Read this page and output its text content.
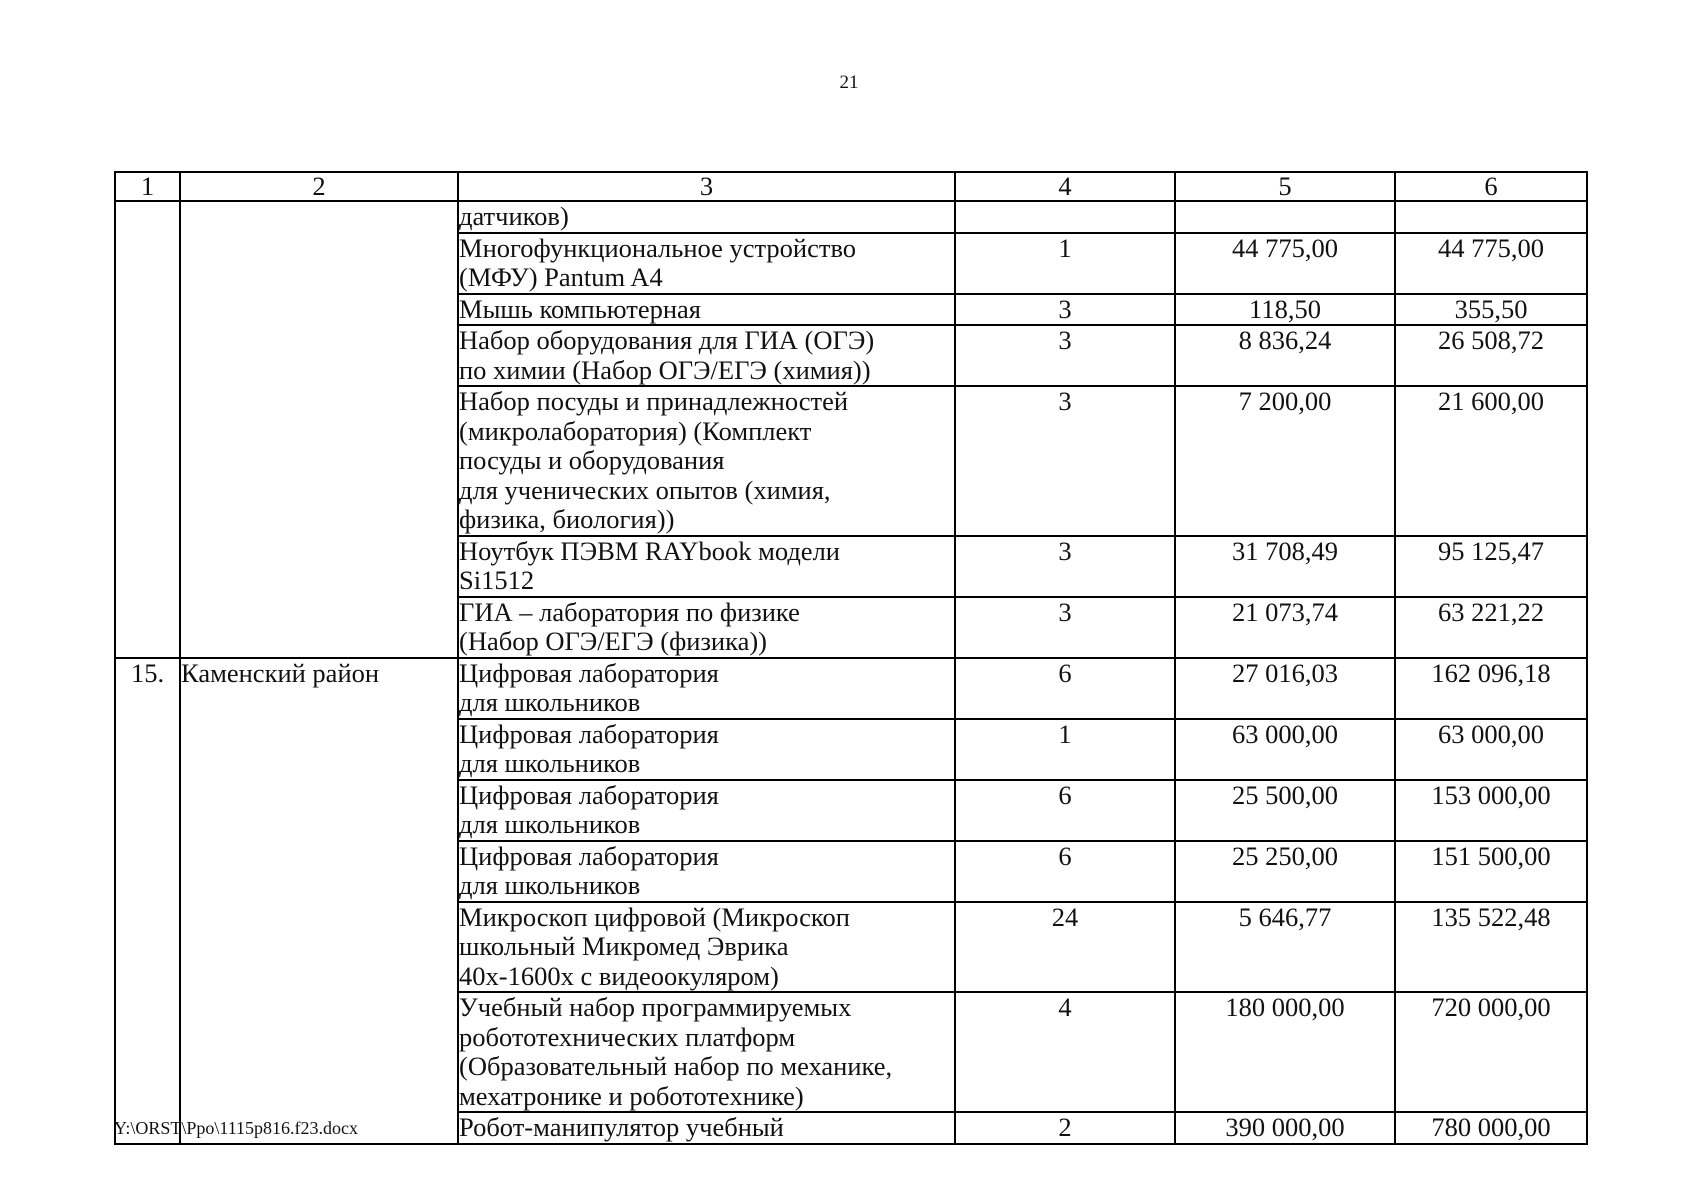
21
1	2	3	4	5	6
		датчиков)			
		Многофункциональное устройство
(МФУ) Pantum A4	1	44 775,00	44 775,00
		Мышь компьютерная	3	118,50	355,50
		Набор оборудования для ГИА (ОГЭ)
по химии (Набор ОГЭ/ЕГЭ (химия))	3	8 836,24	26 508,72
		Набор посуды и принадлежностей
(микролаборатория) (Комплект
посуды и оборудования
для ученических опытов (химия,
физика, биология))	3	7 200,00	21 600,00
		Ноутбук ПЭВМ RAYbook модели
Si1512	3	31 708,49	95 125,47
		ГИА – лаборатория по физике
(Набор ОГЭ/ЕГЭ (физика))	3	21 073,74	63 221,22
15.	Каменский район	Цифровая лаборатория
для школьников	6	27 016,03	162 096,18
		Цифровая лаборатория
для школьников	1	63 000,00	63 000,00
		Цифровая лаборатория
для школьников	6	25 500,00	153 000,00
		Цифровая лаборатория
для школьников	6	25 250,00	151 500,00
		Микроскоп цифровой (Микроскоп
школьный Микромед Эврика
40х-1600х с видеоокуляром)	24	5 646,77	135 522,48
		Учебный набор программируемых
робототехнических платформ
(Образовательный набор по механике,
мехатронике и робототехнике)	4	180 000,00	720 000,00
		Робот-манипулятор учебный	2	390 000,00	780 000,00
Y:\ORST\Ppo\1115p816.f23.docx
